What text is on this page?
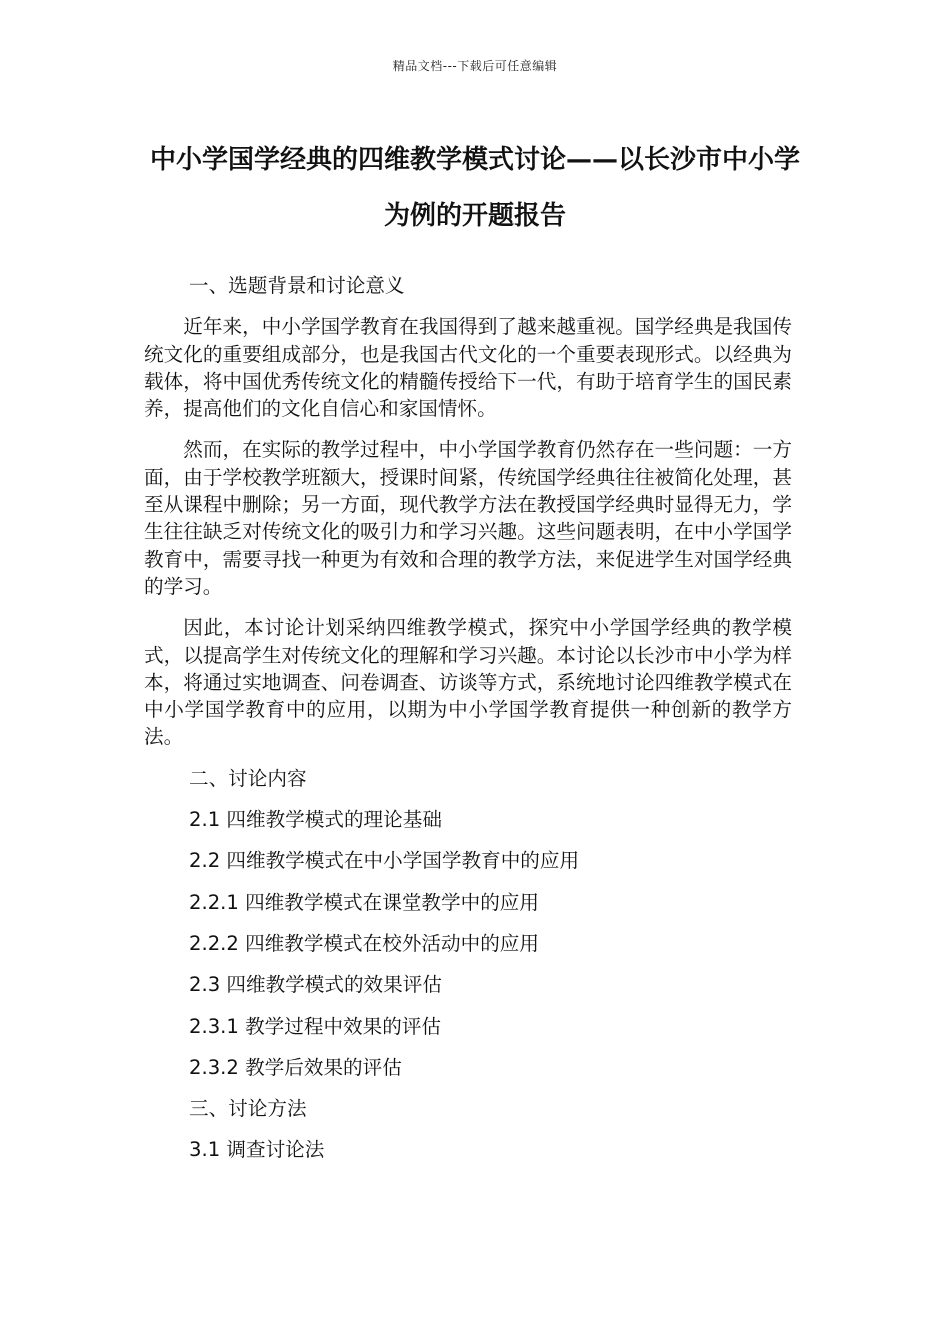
精品文档---下载后可任意编辑
中小学国学经典的四维教学模式讨论——以长沙市中小学为例的开题报告
一、选题背景和讨论意义

近年来，中小学国学教育在我国得到了越来越重视。国学经典是我国传统文化的重要组成部分，也是我国古代文化的一个重要表现形式。以经典为载体，将中国优秀传统文化的精髓传授给下一代，有助于培育学生的国民素养，提高他们的文化自信心和家国情怀。

然而，在实际的教学过程中，中小学国学教育仍然存在一些问题：一方面，由于学校教学班额大，授课时间紧，传统国学经典往往被简化处理，甚至从课程中删除；另一方面，现代教学方法在教授国学经典时显得无力，学生往往缺乏对传统文化的吸引力和学习兴趣。这些问题表明，在中小学国学教育中，需要寻找一种更为有效和合理的教学方法，来促进学生对国学经典的学习。

因此，本讨论计划采纳四维教学模式，探究中小学国学经典的教学模式，以提高学生对传统文化的理解和学习兴趣。本讨论以长沙市中小学为样本，将通过实地调查、问卷调查、访谈等方式，系统地讨论四维教学模式在中小学国学教育中的应用，以期为中小学国学教育提供一种创新的教学方法。

二、讨论内容
2.1 四维教学模式的理论基础
2.2 四维教学模式在中小学国学教育中的应用
2.2.1 四维教学模式在课堂教学中的应用
2.2.2 四维教学模式在校外活动中的应用
2.3 四维教学模式的效果评估
2.3.1 教学过程中效果的评估
2.3.2 教学后效果的评估
三、讨论方法
3.1 调查讨论法
